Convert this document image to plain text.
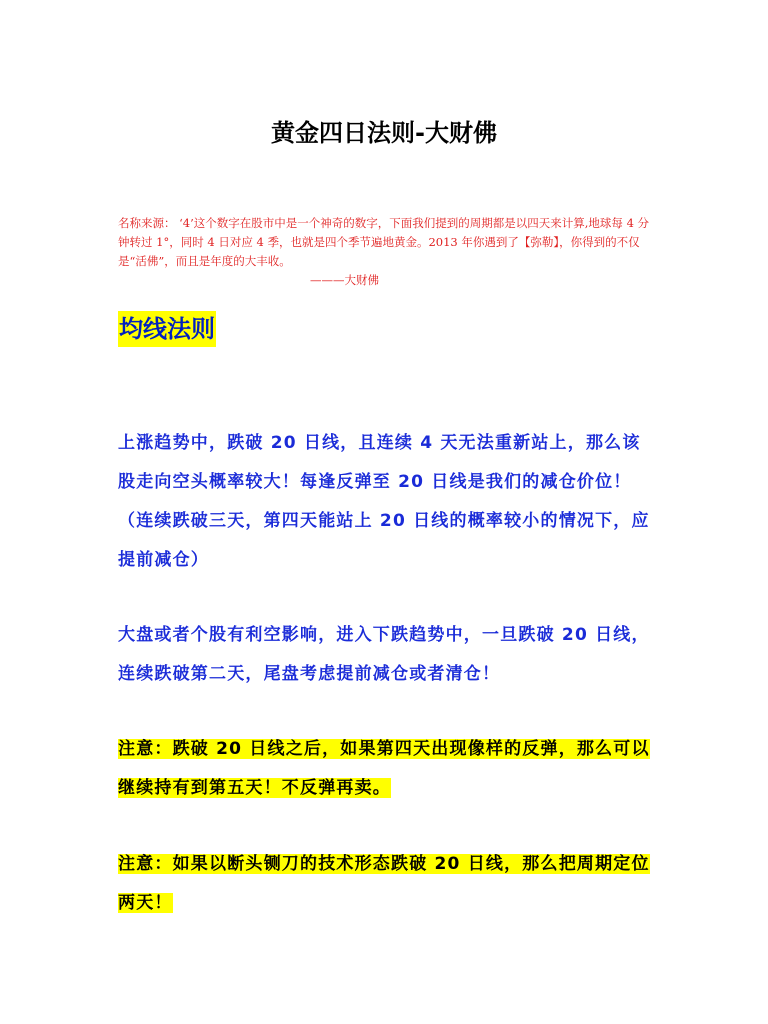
黄金四日法则-大财佛
名称来源： ‘4’这个数字在股市中是一个神奇的数字，下面我们提到的周期都是以四天来计算,地球每 4 分钟转过 1°，同时 4 日对应 4 季，也就是四个季节遍地黄金。2013 年你遇到了【弥勒】，你得到的不仅是“活佛”，而且是年度的大丰收。
———大财佛
均线法则
上涨趋势中，跌破 20 日线，且连续 4 天无法重新站上，那么该股走向空头概率较大！每逢反弹至 20 日线是我们的减仓价位！（连续跌破三天，第四天能站上 20 日线的概率较小的情况下，应提前减仓）
大盘或者个股有利空影响，进入下跌趋势中，一旦跌破 20 日线，连续跌破第二天，尾盘考虑提前减仓或者清仓！
注意：跌破 20 日线之后，如果第四天出现像样的反弹，那么可以继续持有到第五天！不反弹再卖。
注意：如果以断头铡刀的技术形态跌破 20 日线，那么把周期定位两天！
